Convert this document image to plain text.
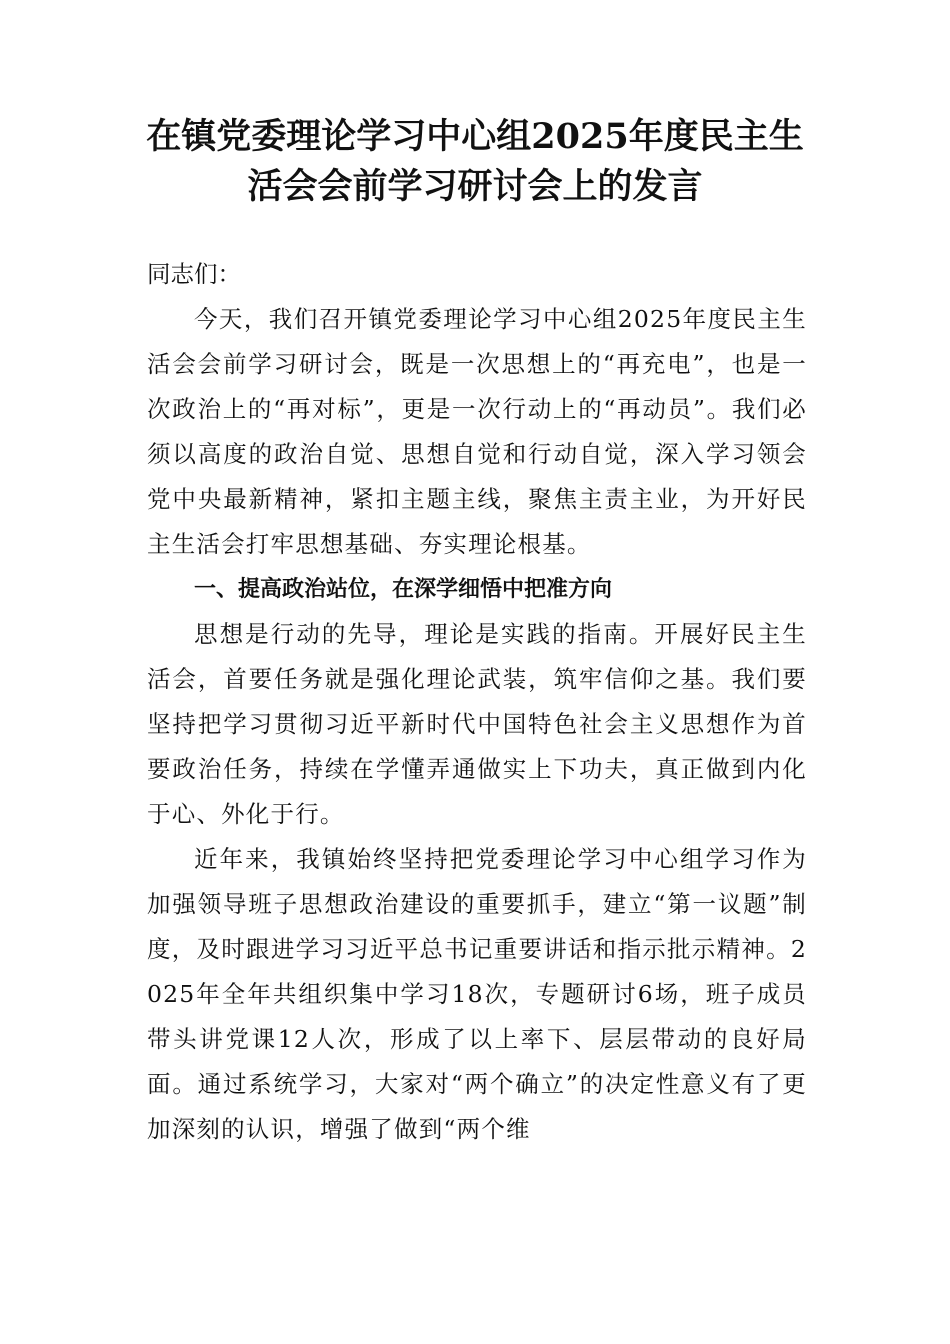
在镇党委理论学习中心组2025年度民主生
活会会前学习研讨会上的发言

同志们：

今天，我们召开镇党委理论学习中心组2025年度民主生活会会前学习研讨会，既是一次思想上的“再充电”，也是一次政治上的“再对标”，更是一次行动上的“再动员”。我们必须以高度的政治自觉、思想自觉和行动自觉，深入学习领会党中央最新精神，紧扣主题主线，聚焦主责主业，为开好民主生活会打牢思想基础、夯实理论根基。

一、提高政治站位，在深学细悟中把准方向

思想是行动的先导，理论是实践的指南。开展好民主生活会，首要任务就是强化理论武装，筑牢信仰之基。我们要坚持把学习贯彻习近平新时代中国特色社会主义思想作为首要政治任务，持续在学懂弄通做实上下功夫，真正做到内化于心、外化于行。

近年来，我镇始终坚持把党委理论学习中心组学习作为加强领导班子思想政治建设的重要抓手，建立“第一议题”制度，及时跟进学习习近平总书记重要讲话和指示批示精神。2025年全年共组织集中学习18次，专题研讨6场，班子成员带头讲党课12人次，形成了以上率下、层层带动的良好局面。通过系统学习，大家对“两个确立”的决定性意义有了更加深刻的认识，增强了做到“两个维
